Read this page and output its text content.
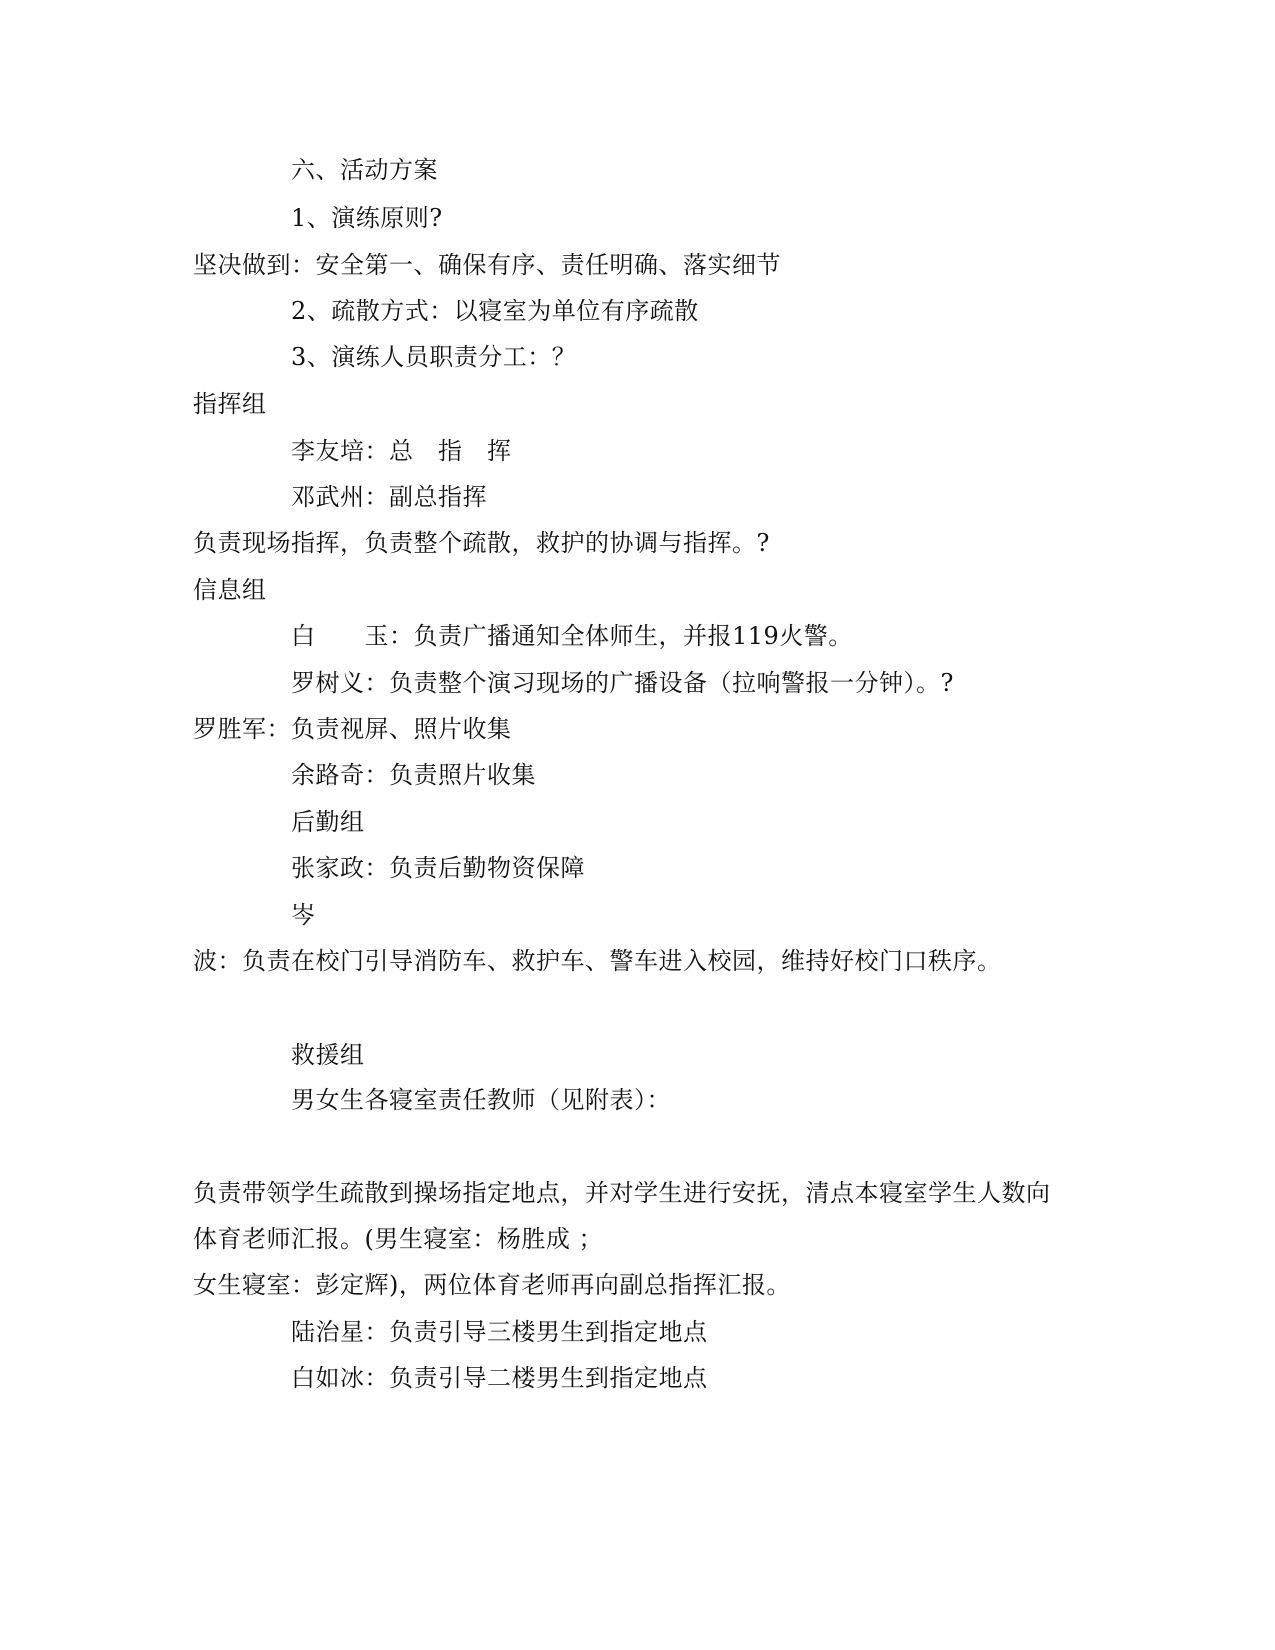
六、活动方案
1、演练原则?
坚决做到：安全第一、确保有序、责任明确、落实细节
2、疏散方式：以寝室为单位有序疏散
3、演练人员职责分工：？
指挥组
李友培：总　指　挥
邓武州：副总指挥
负责现场指挥，负责整个疏散，救护的协调与指挥。?
信息组
白　　玉：负责广播通知全体师生，并报119火警。
罗树义：负责整个演习现场的广播设备（拉响警报一分钟）。?
罗胜军：负责视屏、照片收集
余路奇：负责照片收集
后勤组
张家政：负责后勤物资保障
岑
波：负责在校门引导消防车、救护车、警车进入校园，维持好校门口秩序。
救援组
男女生各寝室责任教师（见附表）：
负责带领学生疏散到操场指定地点，并对学生进行安抚，清点本寝室学生人数向
体育老师汇报。(男生寝室：杨胜成 ；
女生寝室：彭定辉)，两位体育老师再向副总指挥汇报。
陆治星：负责引导三楼男生到指定地点
白如冰：负责引导二楼男生到指定地点
